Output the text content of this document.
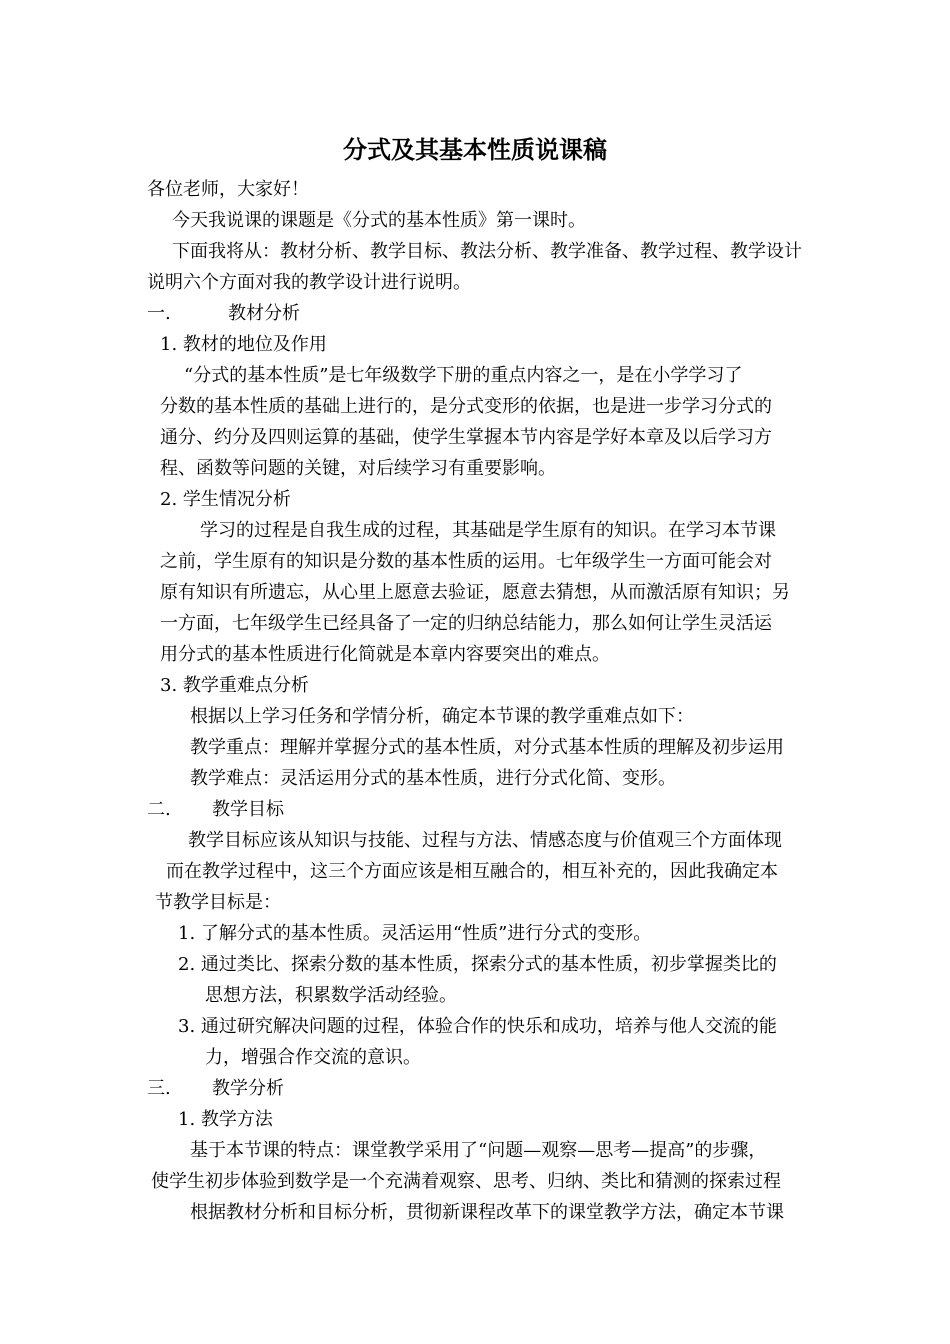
分式及其基本性质说课稿
各位老师，大家好！
今天我说课的课题是《分式的基本性质》第一课时。
下面我将从：教材分析、教学目标、教法分析、教学准备、教学过程、教学设计
说明六个方面对我的教学设计进行说明。
一.	教材分析
1. 教材的地位及作用
“分式的基本性质”是七年级数学下册的重点内容之一，是在小学学习了
分数的基本性质的基础上进行的，是分式变形的依据，也是进一步学习分式的
通分、约分及四则运算的基础，使学生掌握本节内容是学好本章及以后学习方
程、函数等问题的关键，对后续学习有重要影响。
2. 学生情况分析
学习的过程是自我生成的过程，其基础是学生原有的知识。在学习本节课
之前，学生原有的知识是分数的基本性质的运用。七年级学生一方面可能会对
原有知识有所遗忘，从心里上愿意去验证，愿意去猜想，从而激活原有知识；另
一方面，七年级学生已经具备了一定的归纳总结能力，那么如何让学生灵活运
用分式的基本性质进行化简就是本章内容要突出的难点。
3. 教学重难点分析
根据以上学习任务和学情分析，确定本节课的教学重难点如下：
教学重点：理解并掌握分式的基本性质，对分式基本性质的理解及初步运用
教学难点：灵活运用分式的基本性质，进行分式化简、变形。
二. 教学目标
教学目标应该从知识与技能、过程与方法、情感态度与价值观三个方面体现
而在教学过程中，这三个方面应该是相互融合的，相互补充的，因此我确定本
节教学目标是：
1. 了解分式的基本性质。灵活运用“性质”进行分式的变形。
2. 通过类比、探索分数的基本性质，探索分式的基本性质，初步掌握类比的
思想方法，积累数学活动经验。
3. 通过研究解决问题的过程，体验合作的快乐和成功，培养与他人交流的能
力，增强合作交流的意识。
三. 教学分析
1. 教学方法
基于本节课的特点：课堂教学采用了“问题—观察—思考—提高”的步骤，
使学生初步体验到数学是一个充满着观察、思考、归纳、类比和猜测的探索过程
根据教材分析和目标分析，贯彻新课程改革下的课堂教学方法，确定本节课
